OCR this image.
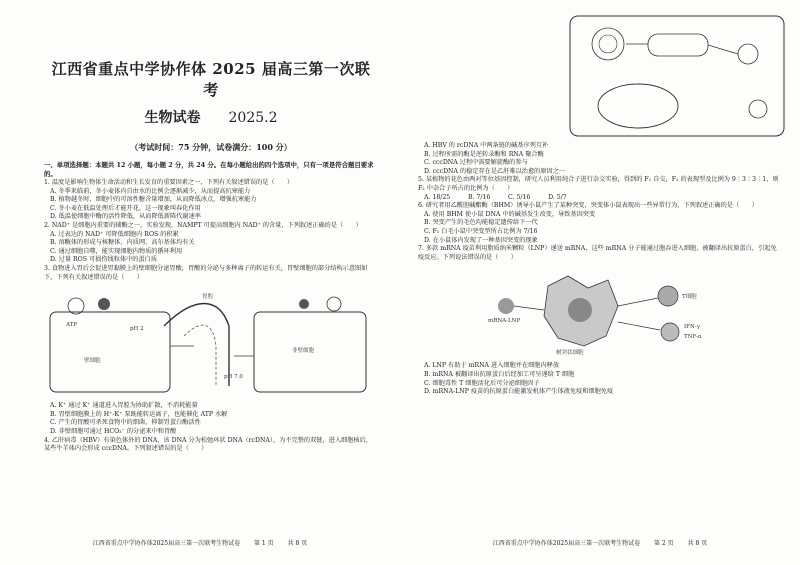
江西省重点中学协作体 2025 届高三第一次联考
生物试卷 2025.2
（考试时间：75 分钟，试卷满分：100 分）
一、单项选择题：本题共 12 小题，每小题 2 分，共 24 分。在每小题给出的四个选项中，只有一项是符合题目要求的。

1. 温度是影响生物体生命活动和生长发育的重要因素之一，下列有关叙述错误的是（　　）

A. 冬季来临前，冬小麦体内自由水的比例会逐渐减少，从而提高抗寒能力

B. 植物越冬时，细胞中的可溶性糖含量增加，从而降低冰点，增强抗寒能力

C. 冬小麦在低温处理后才能开花，这一现象叫春化作用

D. 低温使细胞中酶的活性降低，从而降低新陈代谢速率

2. NAD⁺ 是细胞内重要的辅酶之一，实验发现，NAMPT 可提高细胞内 NAD⁺ 的含量，下列叙述正确的是（　　）

A. 过表达的 NAD⁺ 可降低细胞内 ROS 的积累

B. 溶酶体的形成与核糖体、内质网、高尔基体均有关

C. 通过细胞自噬，能实现细胞内物质的循环利用

D. 过量 ROS 可损伤线粒体中的蛋白质

3. 食物进入胃后会促进胃黏膜上的壁细胞分泌胃酸，胃酸的分泌与多种离子的转运有关，胃壁细胞的部分结构示意图如下，下列有关叙述错误的是（　　）

壁细胞
非壁细胞
胃腔
ATP
pH 2
pH 7.0

A. K⁺ 通过 K⁺ 通道进入胃腔为协助扩散，不消耗能量

B. 胃壁细胞膜上的 H⁺-K⁺ 泵既能转运离子，也能催化 ATP 水解

C. 产生的胃酸可杀死食物中的细菌，抑制胃蛋白酶活性

D. 非壁细胞可通过 HCO₃⁻ 的分泌来中和胃酸

4. 乙肝病毒（HBV）有染色体外的 DNA，该 DNA 分为松弛环状 DNA（rcDNA），为不完整的双链，进入细胞核后，某些牛羊体内会形成 cccDNA。下列叙述错误的是（　　）

江西省重点中学协作体2025届高三第一次联考生物试卷 第 1 页 共 8 页

A. HBV 的 rcDNA 中两条链的碱基序列互补

B. 过程所需的酶是逆转录酶和 RNA 聚合酶

C. cccDNA 过程中需要解旋酶的参与

D. cccDNA 的稳定存在是乙肝难以治愈的原因之一

5. 某植物的花色由两对等位基因控制，研究人员利用纯合子进行杂交实验，得到的 F₁ 自交，F₂ 的表现型及比例为 9∶3∶3∶1，则 F₂ 中杂合子所占的比例为（　　）

A. 18/25	B. 7/16	C. 5/16	D. 5/7

6. 研究者用乙酰胆碱酯酶（BHM）诱导小鼠产生了某种突变，突变体小鼠表现出一些异常行为，下列叙述正确的是（　　）

A. 使用 BHM 使小鼠 DNA 中的碱基发生改变，导致基因突变

B. 突变产生的毛色均能稳定遗传给下一代

C. F₁ 白毛小鼠中突变型所占比例为 7/16

D. 在小鼠体内发现了一种基因突变的现象

7. 多款 mRNA 疫苗利用脂质纳米颗粒（LNP）递送 mRNA，这些 mRNA 分子能通过胞吞进入细胞，被翻译出抗原蛋白，引起免疫反应。下列说法错误的是（　　）

mRNA-LNP
树突状细胞
T细胞
IFN-γ
TNF-α

A. LNP 有助于 mRNA 进入细胞并在细胞内释放

B. mRNA 被翻译出抗原蛋白后经加工可呈递给 T 细胞

C. 细胞毒性 T 细胞活化后可分泌细胞因子

D. mRNA-LNP 疫苗的抗原蛋白能激发机体产生体液免疫和细胞免疫

江西省重点中学协作体2025届高三第一次联考生物试卷 第 2 页 共 8 页
